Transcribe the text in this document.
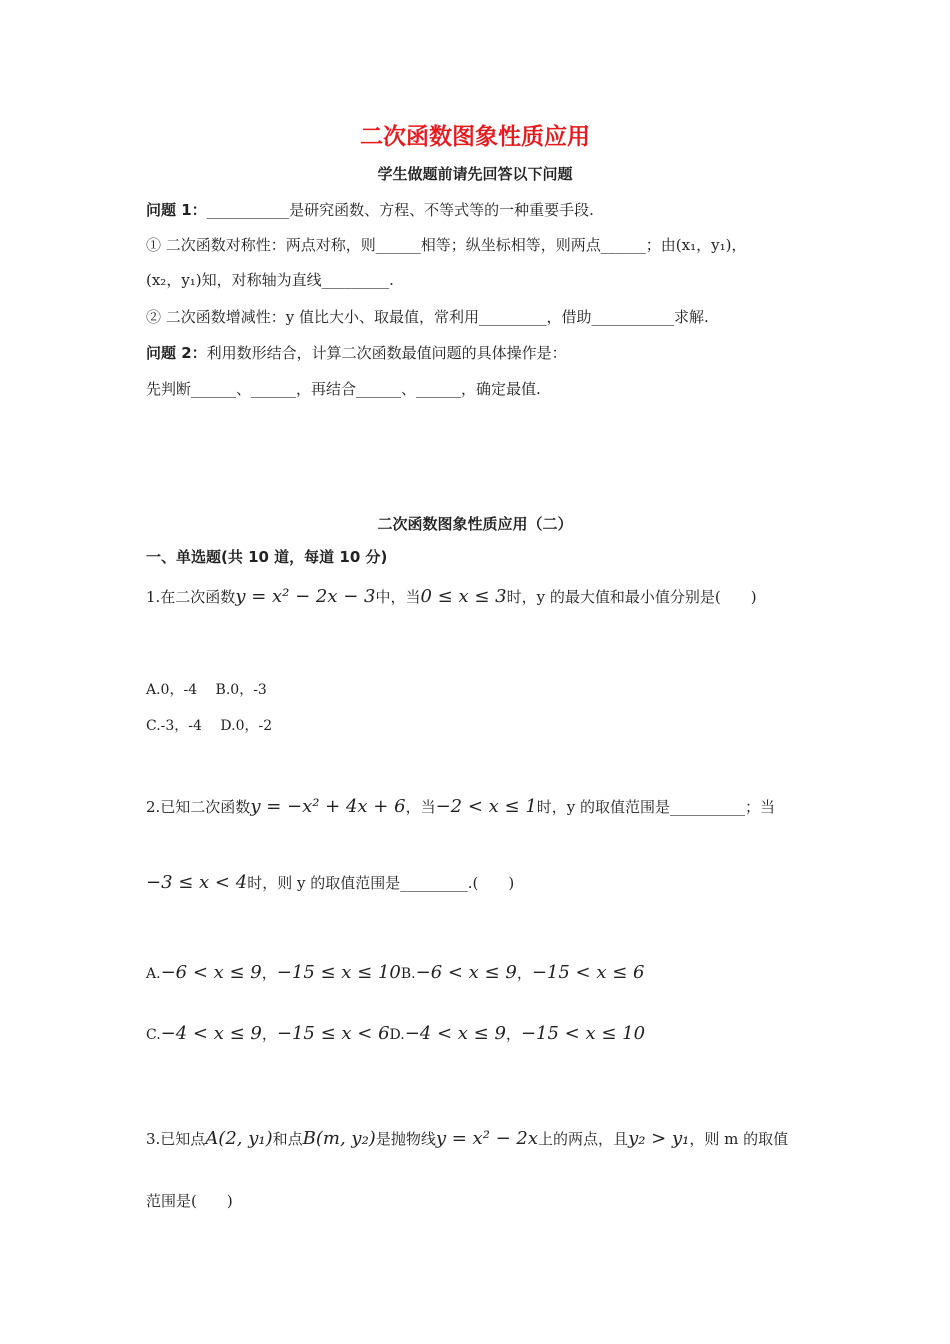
二次函数图象性质应用
学生做题前请先回答以下问题
问题 1：___________是研究函数、方程、不等式等的一种重要手段.
① 二次函数对称性：两点对称，则______相等；纵坐标相等，则两点______；由(x₁，y₁)，
(x₂，y₁)知，对称轴为直线_________.
② 二次函数增减性：y 值比大小、取最值，常利用_________，借助___________求解.
问题 2：利用数形结合，计算二次函数最值问题的具体操作是：
先判断______、______，再结合______、______，确定最值.
二次函数图象性质应用（二）
一、单选题(共 10 道，每道 10 分)
1.在二次函数y = x² − 2x − 3中，当0 ≤ x ≤ 3时，y 的最大值和最小值分别是(　　)
A.0，-4　 B.0，-3
C.-3，-4　 D.0，-2
2.已知二次函数y = −x² + 4x + 6，当−2 < x ≤ 1时，y 的取值范围是__________；当
−3 ≤ x < 4时，则 y 的取值范围是_________.(　　)
A.−6 < x ≤ 9，−15 ≤ x ≤ 10B.−6 < x ≤ 9，−15 < x ≤ 6
C.−4 < x ≤ 9，−15 ≤ x < 6D.−4 < x ≤ 9，−15 < x ≤ 10
3.已知点A(2, y₁)和点B(m, y₂)是抛物线y = x² − 2x上的两点，且y₂ > y₁，则 m 的取值
范围是(　　)
